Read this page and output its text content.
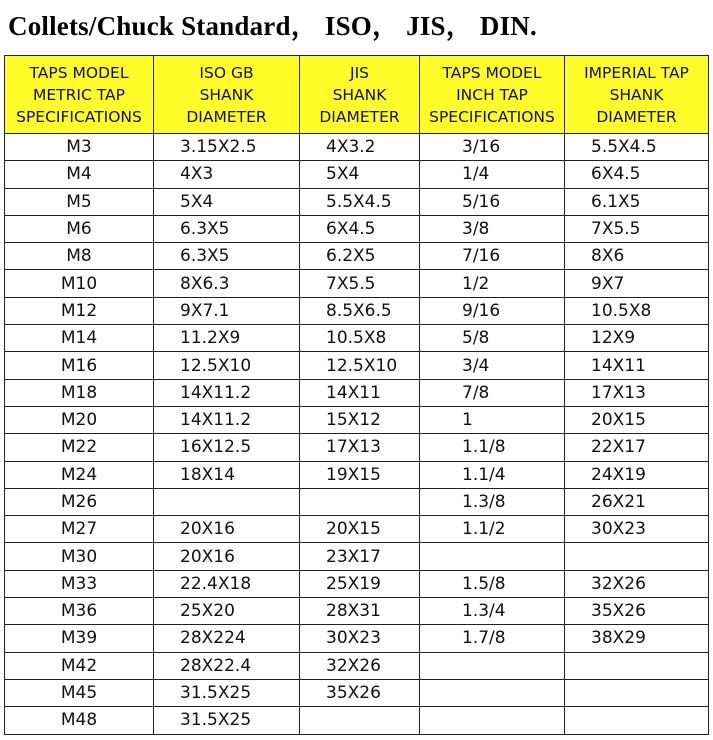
Collets/Chuck Standard， ISO， JIS， DIN.
TAPS MODEL
METRIC TAP
SPECIFICATIONS	ISO GB
SHANK
DIAMETER	JIS
SHANK
DIAMETER	TAPS MODEL
INCH TAP
SPECIFICATIONS	IMPERIAL TAP
SHANK
DIAMETER

M3	3.15X2.5	4X3.2	3/16	5.5X4.5
M4	4X3	5X4	1/4	6X4.5
M5	5X4	5.5X4.5	5/16	6.1X5
M6	6.3X5	6X4.5	3/8	7X5.5
M8	6.3X5	6.2X5	7/16	8X6
M10	8X6.3	7X5.5	1/2	9X7
M12	9X7.1	8.5X6.5	9/16	10.5X8
M14	11.2X9	10.5X8	5/8	12X9
M16	12.5X10	12.5X10	3/4	14X11
M18	14X11.2	14X11	7/8	17X13
M20	14X11.2	15X12	1	20X15
M22	16X12.5	17X13	1.1/8	22X17
M24	18X14	19X15	1.1/4	24X19
M26			1.3/8	26X21
M27	20X16	20X15	1.1/2	30X23
M30	20X16	23X17		
M33	22.4X18	25X19	1.5/8	32X26
M36	25X20	28X31	1.3/4	35X26
M39	28X224	30X23	1.7/8	38X29
M42	28X22.4	32X26		
M45	31.5X25	35X26		
M48	31.5X25			
